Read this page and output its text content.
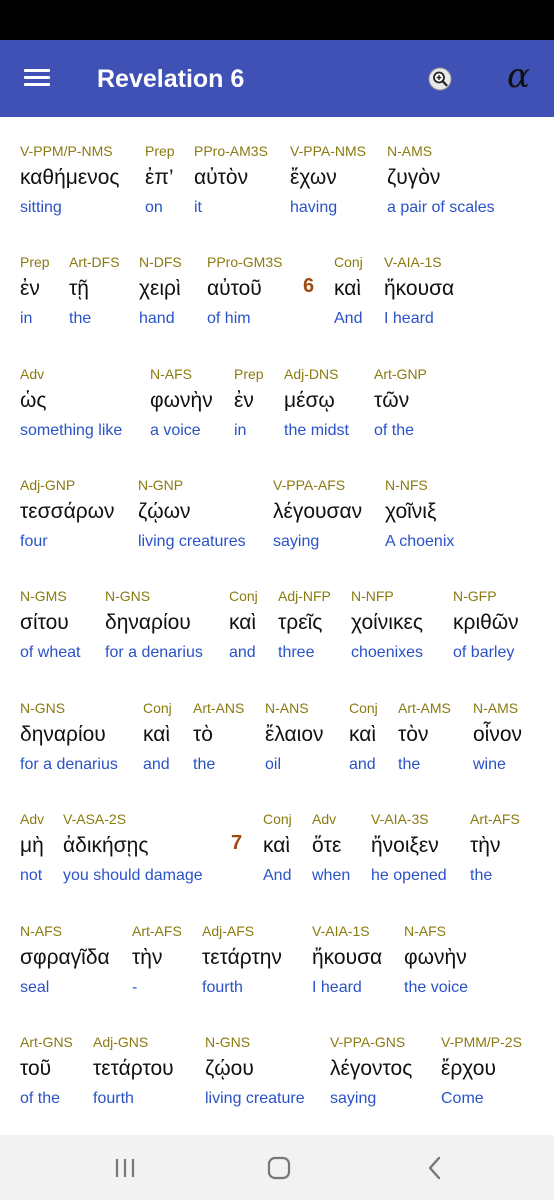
Revelation 6	α
V-PPM/P-NMS
καθήμενος
sitting
Prep
ἐπ’
on
PPro-AM3S
αὐτὸν
it
V-PPA-NMS
ἔχων
having
N-AMS
ζυγὸν
a pair of scales
Prep
ἐν
in
Art-DFS
τῇ
the
N-DFS
χειρὶ
hand
PPro-GM3S
αὐτοῦ
of him
6
Conj
καὶ
And
V-AIA-1S
ἤκουσα
I heard
Adv
ὡς
something like
N-AFS
φωνὴν
a voice
Prep
ἐν
in
Adj-DNS
μέσῳ
the midst
Art-GNP
τῶν
of the
Adj-GNP
τεσσάρων
four
N-GNP
ζῴων
living creatures
V-PPA-AFS
λέγουσαν
saying
N-NFS
χοῖνιξ
A choenix
N-GMS
σίτου
of wheat
N-GNS
δηναρίου
for a denarius
Conj
καὶ
and
Adj-NFP
τρεῖς
three
N-NFP
χοίνικες
choenixes
N-GFP
κριθῶν
of barley
N-GNS
δηναρίου
for a denarius
Conj
καὶ
and
Art-ANS
τὸ
the
N-ANS
ἔλαιον
oil
Conj
καὶ
and
Art-AMS
τὸν
the
N-AMS
οἶνον
wine
Adv
μὴ
not
V-ASA-2S
ἀδικήσῃς
you should damage
7
Conj
καὶ
And
Adv
ὅτε
when
V-AIA-3S
ἤνοιξεν
he opened
Art-AFS
τὴν
the
N-AFS
σφραγῖδα
seal
Art-AFS
τὴν
-
Adj-AFS
τετάρτην
fourth
V-AIA-1S
ἤκουσα
I heard
N-AFS
φωνὴν
the voice
Art-GNS
τοῦ
of the
Adj-GNS
τετάρτου
fourth
N-GNS
ζῴου
living creature
V-PPA-GNS
λέγοντος
saying
V-PMM/P-2S
ἔρχου
Come
